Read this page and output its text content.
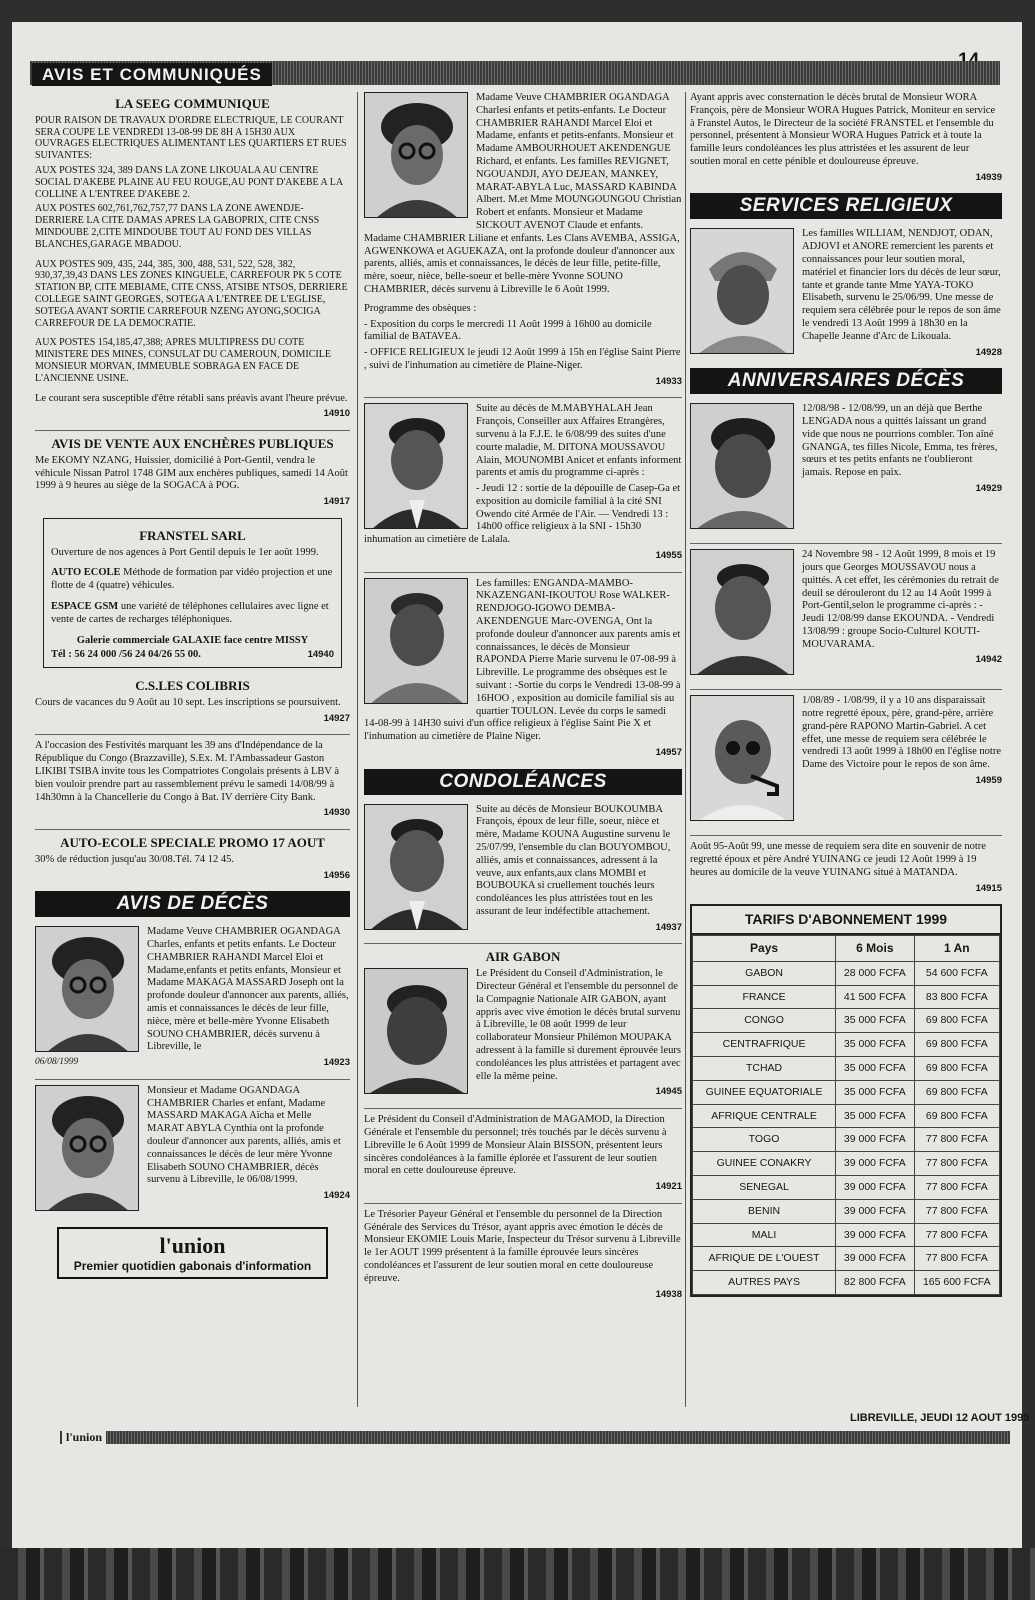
AVIS ET COMMUNIQUÉS
LA SEEG COMMUNIQUE

POUR RAISON DE TRAVAUX D'ORDRE ELECTRIQUE, LE COURANT SERA COUPE LE VENDREDI 13-08-99 DE 8H A 15H30 AUX OUVRAGES ELECTRIQUES ALIMENTANT LES QUARTIERS ET RUES SUIVANTES:

AUX POSTES 324, 389 DANS LA ZONE LIKOUALA AU CENTRE SOCIAL D'AKEBE PLAINE AU FEU ROUGE,AU PONT D'AKEBE A LA COLLINE A L'ENTREE D'AKEBE 2.

AUX POSTES 602,761,762,757,77 DANS LA ZONE AWENDJE- DERRIERE LA CITE DAMAS APRES LA GABOPRIX, CITE CNSS MINDOUBE 2,CITE MINDOUBE TOUT AU FOND DES VILLAS BLANCHES,GARAGE MBADOU.

AUX POSTES 909, 435, 244, 385, 300, 488, 531, 522, 528, 382, 930,37,39,43 DANS LES ZONES KINGUELE, CARREFOUR PK 5 COTE STATION BP, CITE MEBIAME, CITE CNSS, ATSIBE NTSOS, DERRIERE COLLEGE SAINT GEORGES, SOTEGA A L'ENTREE DE L'EGLISE, SOTEGA AVANT SORTIE CARREFOUR NZENG AYONG,SOCIGA CARREFOUR DE LA DEMOCRATIE.

AUX POSTES 154,185,47,388; APRES MULTIPRESS DU COTE MINISTERE DES MINES, CONSULAT DU CAMEROUN, DOMICILE MONSIEUR MORVAN, IMMEUBLE SOBRAGA EN FACE DE L'ANCIENNE USINE.

Le courant sera susceptible d'être rétabli sans préavis avant l'heure prévue.

14910
AVIS DE VENTE AUX ENCHÈRES PUBLIQUES

Me EKOMY NZANG, Huissier, domicilié à Port-Gentil, vendra le véhicule Nissan Patrol 1748 GIM aux enchères publiques, samedi 14 Août 1999 à 9 heures au siège de la SOGACA à POG.

14917
FRANSTEL SARL

Ouverture de nos agences à Port Gentil depuis le 1er août 1999.

AUTO ECOLE Méthode de formation par vidéo projection et une flotte de 4 (quatre) véhicules.

ESPACE GSM une variété de téléphones cellulaires avec ligne et vente de cartes de recharges téléphoniques.

Galerie commerciale GALAXIE face centre MISSY

Tél : 56 24 000 /56 24 04/26 55 00.	14940

C.S.LES COLIBRIS

Cours de vacances du 9 Août au 10 sept. Les inscriptions se poursuivent.

14927

A l'occasion des Festivités marquant les 39 ans d'Indépendance de la République du Congo (Brazzaville), S.Ex. M. l'Ambassadeur Gaston LIKIBI TSIBA invite tous les Compatriotes Congolais présents à LBV à bien vouloir prendre part au rassemblement prévu le samedi 14/08/99 à 14h30mn à la Chancellerie du Congo à Bat. IV derrière City Bank.

14930
AUTO-ECOLE SPECIALE PROMO 17 AOUT

30% de réduction jusqu'au 30/08.Tél. 74 12 45.

14956
AVIS DE DÉCÈS

Madame Veuve CHAMBRIER OGANDAGA Charles, enfants et petits enfants. Le Docteur CHAMBRIER RAHANDI Marcel Eloi et Madame,enfants et petits enfants, Monsieur et Madame MAKAGA MASSARD Joseph ont la profonde douleur d'annoncer aux parents, alliés, amis et connaissances le décès de leur fille, nièce, mère et belle-mère Yvonne Elisabeth SOUNO CHAMBRIER, décès survenu à Libreville, le

06/08/1999	14923

Monsieur et Madame OGANDAGA CHAMBRIER Charles et enfant, Madame MASSARD MAKAGA Aïcha et Melle MARAT ABYLA Cynthia ont la profonde douleur d'annoncer aux parents, alliés, amis et connaissances le décès de leur mère Yvonne Elisabeth SOUNO CHAMBRIER, décès survenu à Libreville, le 06/08/1999.

14924
l'union
Premier quotidien gabonais d'information

Madame Veuve CHAMBRIER OGANDAGA Charlesi enfants et petits-enfants. Le Docteur CHAMBRIER RAHANDI Marcel Eloi et Madame, enfants et petits-enfants. Monsieur et Madame AMBOURHOUET AKENDENGUE Richard, et enfants. Les familles REVIGNET, NGOUANDJI, AYO DEJEAN, MANKEY, MARAT-ABYLA Luc, MASSARD KABINDA Albert. M.et Mme MOUNGOUNGOU Christian Robert et enfants. Monsieur et Madame SICKOUT AVENOT Claude et enfants. Madame CHAMBRIER Liliane et enfants. Les Clans AVEMBA, ASSIGA, AGWENKOWA et AGUEKAZA, ont la profonde douleur d'annoncer aux parents, alliés, amis et connaissances, le décès de leur fille, petite-fille, mère, soeur, nièce, belle-soeur et belle-mère Yvonne SOUNO CHAMBRIER, décès survenu à Libreville le 6 Août 1999.

Programme des obsèques :

- Exposition du corps le mercredi 11 Août 1999 à 16h00 au domicile familial de BATAVEA.

- OFFICE RELIGIEUX le jeudi 12 Août 1999 à 15h en l'église Saint Pierre , suivi de l'inhumation au cimetière de Plaine-Niger.

14933

Suite au décès de M.MABYHALAH Jean François, Conseiller aux Affaires Etrangères, survenu à la F.J.E. le 6/08/99 des suites d'une courte maladie, M. DITONA MOUSSAVOU Alain, MOUNOMBI Anicet et enfants informent parents et amis du programme ci-après :

- Jeudi 12 : sortie de la dépouille de Casep-Ga et exposition au domicile familial à la cité SNI Owendo cité Armée de l'Air. — Vendredi 13 : 14h00 office religieux à la SNI - 15h30 inhumation au cimetière de Lalala.

14955

Les familles: ENGANDA-MAMBO-NKAZENGANI-IKOUTOU Rose WALKER-RENDJOGO-IGOWO DEMBA-AKENDENGUE Marc-OVENGA, Ont la profonde douleur d'annoncer aux parents amis et connaissances, le décès de Monsieur RAPONDA Pierre Marie survenu le 07-08-99 à Libreville. Le programme des obsèques est le suivant : -Sortie du corps le Vendredi 13-08-99 à 16HOO , exposition au domicile familial sis au quartier TOULON. Levée du corps le samedi 14-08-99 à 14H30 suivi d'un office religieux à l'église Saint Pie X et l'inhumation au cimetière de Plaine Niger.

14957
CONDOLÉANCES

Suite au décès de Monsieur BOUKOUMBA François, époux de leur fille, soeur, nièce et mère, Madame KOUNA Augustine survenu le 25/07/99, l'ensemble du clan BOUYOMBOU, alliés, amis et connaissances, adressent à la veuve, aux enfants,aux clans MOMBI et BOUBOUKA si cruellement touchés leurs condoléances les plus attristées tout en les assurant de leur indéfectible attachement.

14937
AIR GABON

Le Président du Conseil d'Administration, le Directeur Général et l'ensemble du personnel de la Compagnie Nationale AIR GABON, ayant appris avec vive émotion le décès brutal survenu à Libreville, le 08 août 1999 de leur collaborateur Monsieur Philémon MOUPAKA adressent à la famille si durement éprouvée leurs condoléances les plus attristées et partagent avec elle la même peine.

14945

Le Président du Conseil d'Administration de MAGAMOD, la Direction Générale et l'ensemble du personnel; très touchés par le décès survenu à Libreville le 6 Août 1999 de Monsieur Alain BISSON, présentent leurs sincères condoléances à la famille éplorée et l'assurent de leur soutien moral en cette douloureuse épreuve.

14921

Le Trésorier Payeur Général et l'ensemble du personnel de la Direction Générale des Services du Trésor, ayant appris avec émotion le décès de Monsieur EKOMIE Louis Marie, Inspecteur du Trésor survenu à Libreville le 1er AOUT 1999 présentent à la famille éprouvée leurs sincères condoléances et l'assurent de leur soutien moral en cette douloureuse épreuve.

14938

Ayant appris avec consternation le décès brutal de Monsieur WORA François, père de Monsieur WORA Hugues Patrick, Moniteur en service à Franstel Autos, le Directeur de la société FRANSTEL et l'ensemble du personnel, présentent à Monsieur WORA Hugues Patrick et à toute la famille leurs condoléances les plus attristées et les assurent de leur soutien moral en cette pénible et douloureuse épreuve.

14939
SERVICES RELIGIEUX

Les familles WILLIAM, NENDJOT, ODAN, ADJOVI et ANORE remercient les parents et connaissances pour leur soutien moral, matériel et financier lors du décès de leur sœur, tante et grande tante Mme YAYA-TOKO Elisabeth, survenu le 25/06/99. Une messe de requiem sera célébrée pour le repos de son âme le vendredi 13 Août 1999 à 18h30 en la Chapelle Jeanne d'Arc de Likouala.

14928
ANNIVERSAIRES DÉCÈS

12/08/98 - 12/08/99, un an déjà que Berthe LENGADA nous a quittés laissant un grand vide que nous ne pourrions combler. Ton aîné GNANGA, tes filles Nicole, Emma, tes frères, sœurs et tes petits enfants ne t'oublieront jamais. Repose en paix.

14929

24 Novembre 98 - 12 Août 1999, 8 mois et 19 jours que Georges MOUSSAVOU nous a quittés. A cet effet, les cérémonies du retrait de deuil se dérouleront du 12 au 14 Août 1999 à Port-Gentil,selon le programme ci-après : - Jeudi 12/08/99 danse EKOUNDA. - Vendredi 13/08/99 : groupe Socio-Culturel KOUTI-MOUVARAMA.

14942

1/08/89 - 1/08/99, il y a 10 ans disparaissait notre regretté époux, père, grand-père, arrière grand-père RAPONO Martin-Gabriel. A cet effet, une messe de requiem sera célébrée le vendredi 13 août 1999 à 18h00 en l'église notre Dame des Victoire pour le repos de son âme.

14959

Août 95-Août 99, une messe de requiem sera dite en souvenir de notre regretté époux et père André YUINANG ce jeudi 12 Août 1999 à 19 heures au domicile de la veuve YUINANG situé à MATANDA.

14915
TARIFS D'ABONNEMENT 1999
Pays	6 Mois	1 An
GABON	28 000 FCFA	54 600 FCFA
FRANCE	41 500 FCFA	83 800 FCFA
CONGO	35 000 FCFA	69 800 FCFA
CENTRAFRIQUE	35 000 FCFA	69 800 FCFA
TCHAD	35 000 FCFA	69 800 FCFA
GUINEE EQUATORIALE	35 000 FCFA	69 800 FCFA
AFRIQUE CENTRALE	35 000 FCFA	69 800 FCFA
TOGO	39 000 FCFA	77 800 FCFA
GUINEE CONAKRY	39 000 FCFA	77 800 FCFA
SENEGAL	39 000 FCFA	77 800 FCFA
BENIN	39 000 FCFA	77 800 FCFA
MALI	39 000 FCFA	77 800 FCFA
AFRIQUE DE L'OUEST	39 000 FCFA	77 800 FCFA
AUTRES PAYS	82 800 FCFA	165 600 FCFA
LIBREVILLE, JEUDI 12 AOUT 1999
l'union
